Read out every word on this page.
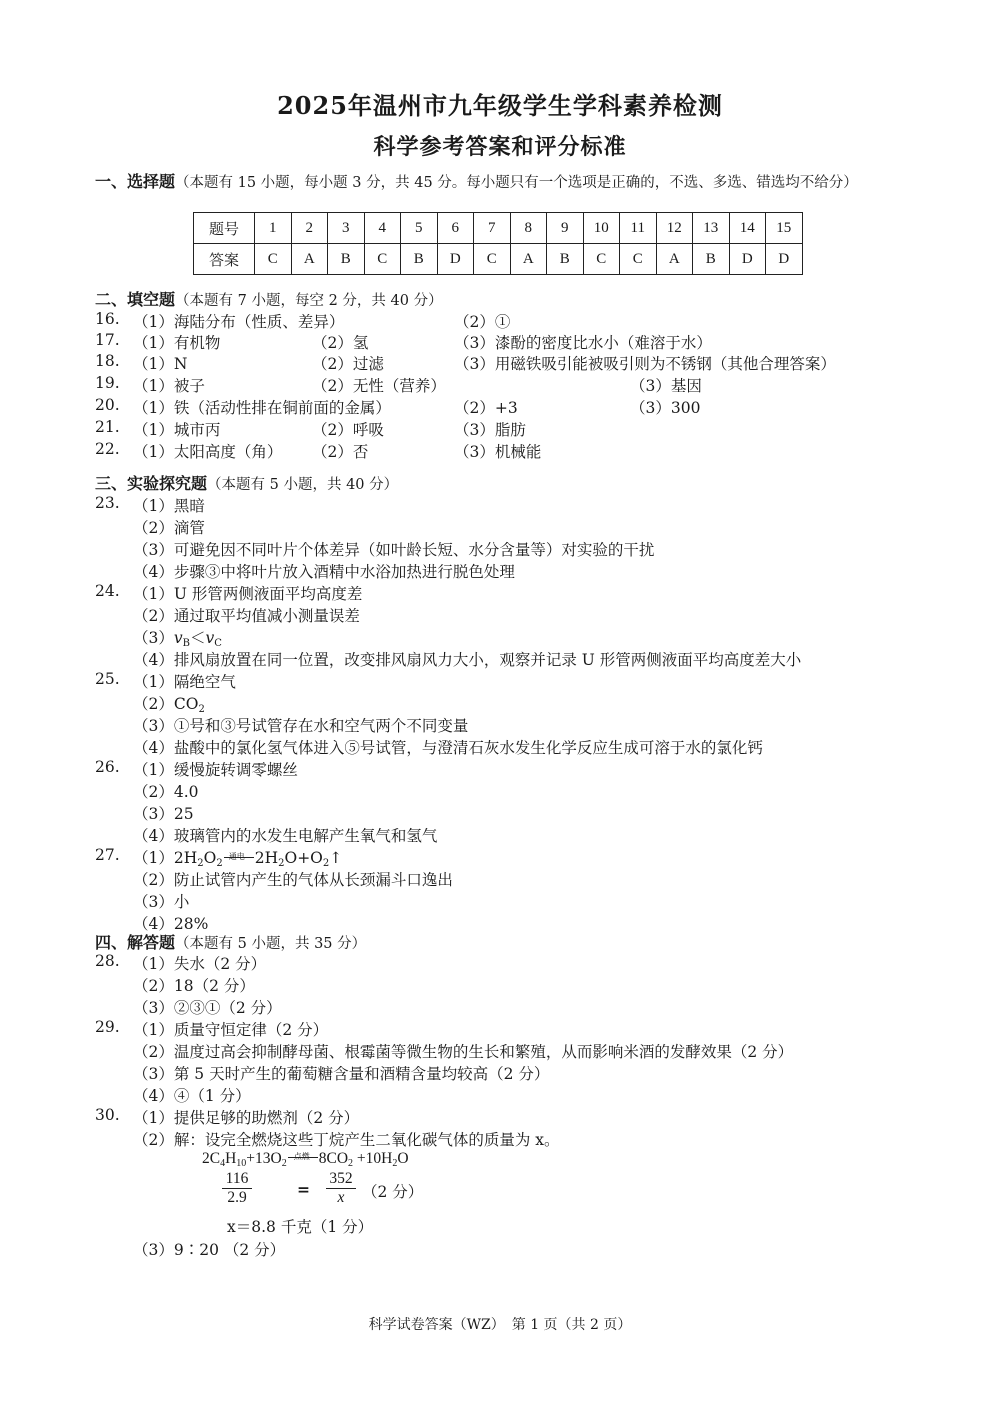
2025年温州市九年级学生学科素养检测
科学参考答案和评分标准
一、选择题（本题有 15 小题，每小题 3 分，共 45 分。每小题只有一个选项是正确的，不选、多选、错选均不给分）
题号	1	2	3	4	5	6	7	8	9	10	11	12	13	14	15
答案	C	A	B	C	B	D	C	A	B	C	C	A	B	D	D
二、填空题（本题有 7 小题，每空 2 分，共 40 分）
16. （1）海陆分布（性质、差异）	（2）①
17. （1）有机物	（2）氢	（3）漆酚的密度比水小（难溶于水）
18. （1）N	（2）过滤	（3）用磁铁吸引能被吸引则为不锈钢（其他合理答案）
19. （1）被子	（2）无性（营养）	（3）基因
20. （1）铁（活动性排在铜前面的金属）	（2）+3	（3）300
21. （1）城市丙	（2）呼吸	（3）脂肪
22. （1）太阳高度（角） （2）否	（3）机械能
三、实验探究题（本题有 5 小题，共 40 分）
23. （1）黑暗
（2）滴管
（3）可避免因不同叶片个体差异（如叶龄长短、水分含量等）对实验的干扰
（4）步骤③中将叶片放入酒精中水浴加热进行脱色处理
24. （1）U 形管两侧液面平均高度差
（2）通过取平均值减小测量误差
$(3)v_B<v_C$
（4）排风扇放置在同一位置，改变排风扇风力大小，观察并记录 U 形管两侧液面平均高度差大小
25. （1）隔绝空气
$(2)CO_2$
（3）①号和③号试管存在水和空气两个不同变量
（4）盐酸中的氯化氢气体进入⑤号试管，与澄清石灰水发生化学反应生成可溶于水的氯化钙
26. （1）缓慢旋转调零螺丝
（2）4.0
（3）25
（4）玻璃管内的水发生电解产生氧气和氢气
27. $(1)2H_2O_2$
通电 $2H_2O+O_2↑$
（2）防止试管内产生的气体从长颈漏斗口逸出
（3）小
（4）28%
四、解答题（本题有 5 小题，共 35 分）
28. （1）失水（2 分）
（2）18（2 分）
（3）②③①（2 分）
29. （1）质量守恒定律（2 分）
（2）温度过高会抑制酵母菌、根霉菌等微生物的生长和繁殖，从而影响米酒的发酵效果（2 分）
（3）第 5 天时产生的葡萄糖含量和酒精含量均较高（2 分）
（4）④（1 分）
30. （1）提供足够的助燃剂（2 分）
（2）解：设完全燃烧这些丁烷产生二氧化碳气体的质量为 x。
$2C_4H_{10}+13O_2$
点燃 $8CO_2 +10H_2O$
$\frac{116}{2.9}$	= $\frac{352}{x} (2$ 分）
x＝8.8 千克（1 分）
（3）9∶20 （2 分）
科学试卷答案（WZ）　第 1 页（共 2 页）
